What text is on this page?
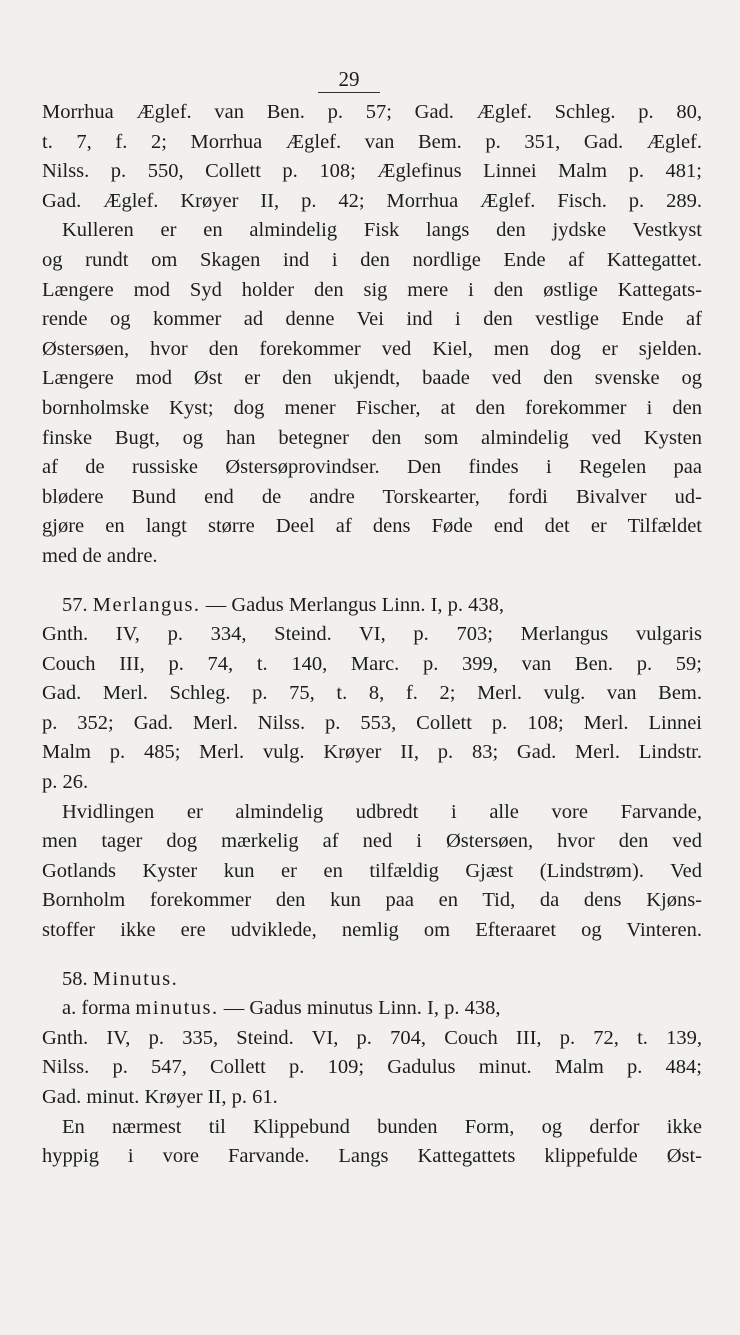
29
Morrhua Æglef. van Ben. p. 57; Gad. Æglef. Schleg. p. 80,
t. 7, f. 2; Morrhua Æglef. van Bem. p. 351, Gad. Æglef.
Nilss. p. 550, Collett p. 108; Æglefinus Linnei Malm p. 481;
Gad. Æglef. Krøyer II, p. 42; Morrhua Æglef. Fisch. p. 289.
Kulleren er en almindelig Fisk langs den jydske Vestkyst
og rundt om Skagen ind i den nordlige Ende af Kattegattet.
Længere mod Syd holder den sig mere i den østlige Kattegats-
rende og kommer ad denne Vei ind i den vestlige Ende af
Østersøen, hvor den forekommer ved Kiel, men dog er sjelden.
Længere mod Øst er den ukjendt, baade ved den svenske og
bornholmske Kyst; dog mener Fischer, at den forekommer i den
finske Bugt, og han betegner den som almindelig ved Kysten
af de russiske Østersøprovindser. Den findes i Regelen paa
blødere Bund end de andre Torskearter, fordi Bivalver ud-
gjøre en langt større Deel af dens Føde end det er Tilfældet
med de andre.
57. Merlangus. — Gadus Merlangus Linn. I, p. 438,
Gnth. IV, p. 334, Steind. VI, p. 703; Merlangus vulgaris
Couch III, p. 74, t. 140, Marc. p. 399, van Ben. p. 59;
Gad. Merl. Schleg. p. 75, t. 8, f. 2; Merl. vulg. van Bem.
p. 352; Gad. Merl. Nilss. p. 553, Collett p. 108; Merl. Linnei
Malm p. 485; Merl. vulg. Krøyer II, p. 83; Gad. Merl. Lindstr.
p. 26.
Hvidlingen er almindelig udbredt i alle vore Farvande,
men tager dog mærkelig af ned i Østersøen, hvor den ved
Gotlands Kyster kun er en tilfældig Gjæst (Lindstrøm). Ved
Bornholm forekommer den kun paa en Tid, da dens Kjøns-
stoffer ikke ere udviklede, nemlig om Efteraaret og Vinteren.
58. Minutus.
a. forma minutus. — Gadus minutus Linn. I, p. 438,
Gnth. IV, p. 335, Steind. VI, p. 704, Couch III, p. 72, t. 139,
Nilss. p. 547, Collett p. 109; Gadulus minut. Malm p. 484;
Gad. minut. Krøyer II, p. 61.
En nærmest til Klippebund bunden Form, og derfor ikke
hyppig i vore Farvande. Langs Kattegattets klippefulde Øst-
